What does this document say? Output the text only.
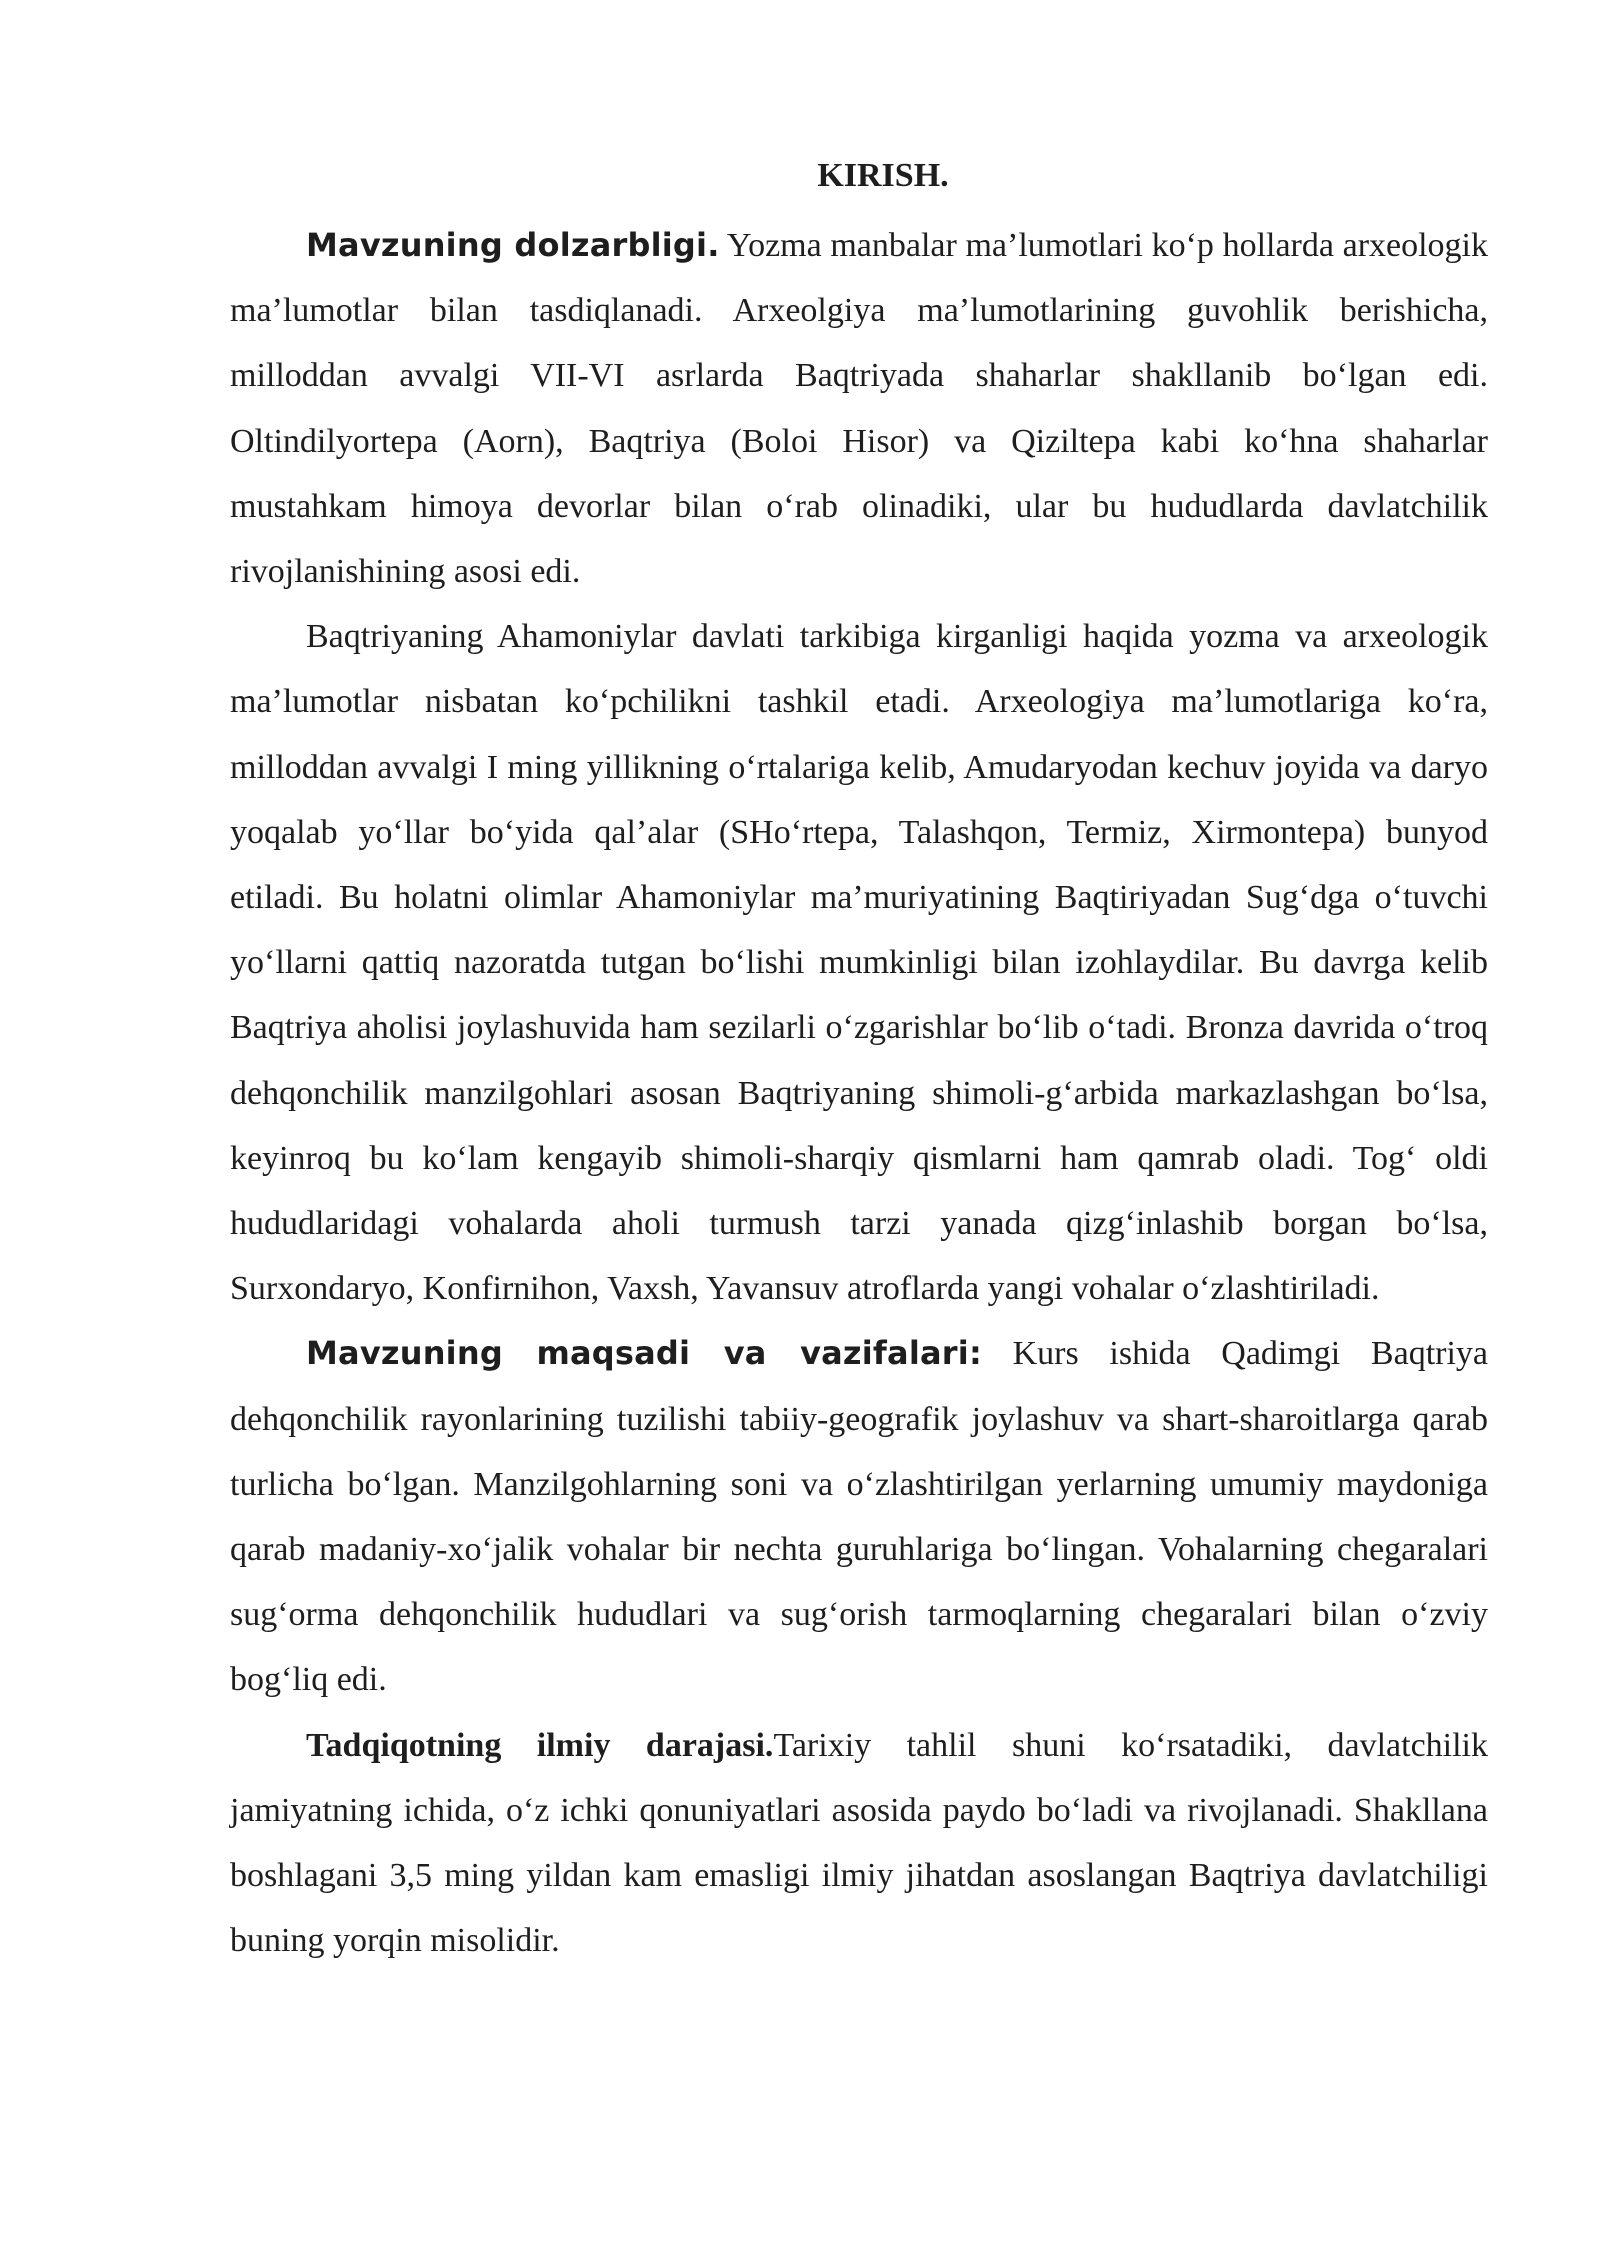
KIRISH.

Mavzuning dolzarbligi. Yozma manbalar ma’lumotlari ko‘p hollarda arxeologik ma’lumotlar bilan tasdiqlanadi. Arxeolgiya ma’lumotlarining guvohlik berishicha, milloddan avvalgi VII-VI asrlarda Baqtriyada shaharlar shakllanib bo‘lgan edi. Oltindilyortepa (Aorn), Baqtriya (Boloi Hisor) va Qiziltepa kabi ko‘hna shaharlar mustahkam himoya devorlar bilan o‘rab olinadiki, ular bu hududlarda davlatchilik rivojlanishining asosi edi.

Baqtriyaning Ahamoniylar davlati tarkibiga kirganligi haqida yozma va arxeologik ma’lumotlar nisbatan ko‘pchilikni tashkil etadi. Arxeologiya ma’lumotlariga ko‘ra, milloddan avvalgi I ming yillikning o‘rtalariga kelib, Amudaryodan kechuv joyida va daryo yoqalab yo‘llar bo‘yida qal’alar (SHo‘rtepa, Talashqon, Termiz, Xirmontepa) bunyod etiladi. Bu holatni olimlar Ahamoniylar ma’muriyatining Baqtiriyadan Sug‘dga o‘tuvchi yo‘llarni qattiq nazoratda tutgan bo‘lishi mumkinligi bilan izohlaydilar. Bu davrga kelib Baqtriya aholisi joylashuvida ham sezilarli o‘zgarishlar bo‘lib o‘tadi. Bronza davrida o‘troq dehqonchilik manzilgohlari asosan Baqtriyaning shimoli-g‘arbida markazlashgan bo‘lsa, keyinroq bu ko‘lam kengayib shimoli-sharqiy qismlarni ham qamrab oladi. Tog‘ oldi hududlaridagi vohalarda aholi turmush tarzi yanada qizg‘inlashib borgan bo‘lsa, Surxondaryo, Konfirnihon, Vaxsh, Yavansuv atroflarda yangi vohalar o‘zlashtiriladi.

Mavzuning maqsadi va vazifalari: Kurs ishida Qadimgi Baqtriya dehqonchilik rayonlarining tuzilishi tabiiy-geografik joylashuv va shart-sharoitlarga qarab turlicha bo‘lgan. Manzilgohlarning soni va o‘zlashtirilgan yerlarning umumiy maydoniga qarab madaniy-xo‘jalik vohalar bir nechta guruhlariga bo‘lingan. Vohalarning chegaralari sug‘orma dehqonchilik hududlari va sug‘orish tarmoqlarning chegaralari bilan o‘zviy bog‘liq edi.

Tadqiqotning ilmiy darajasi.Tarixiy tahlil shuni ko‘rsatadiki, davlatchilik jamiyatning ichida, o‘z ichki qonuniyatlari asosida paydo bo‘ladi va rivojlanadi. Shakllana boshlagani 3,5 ming yildan kam emasligi ilmiy jihatdan asoslangan Baqtriya davlatchiligi buning yorqin misolidir.
